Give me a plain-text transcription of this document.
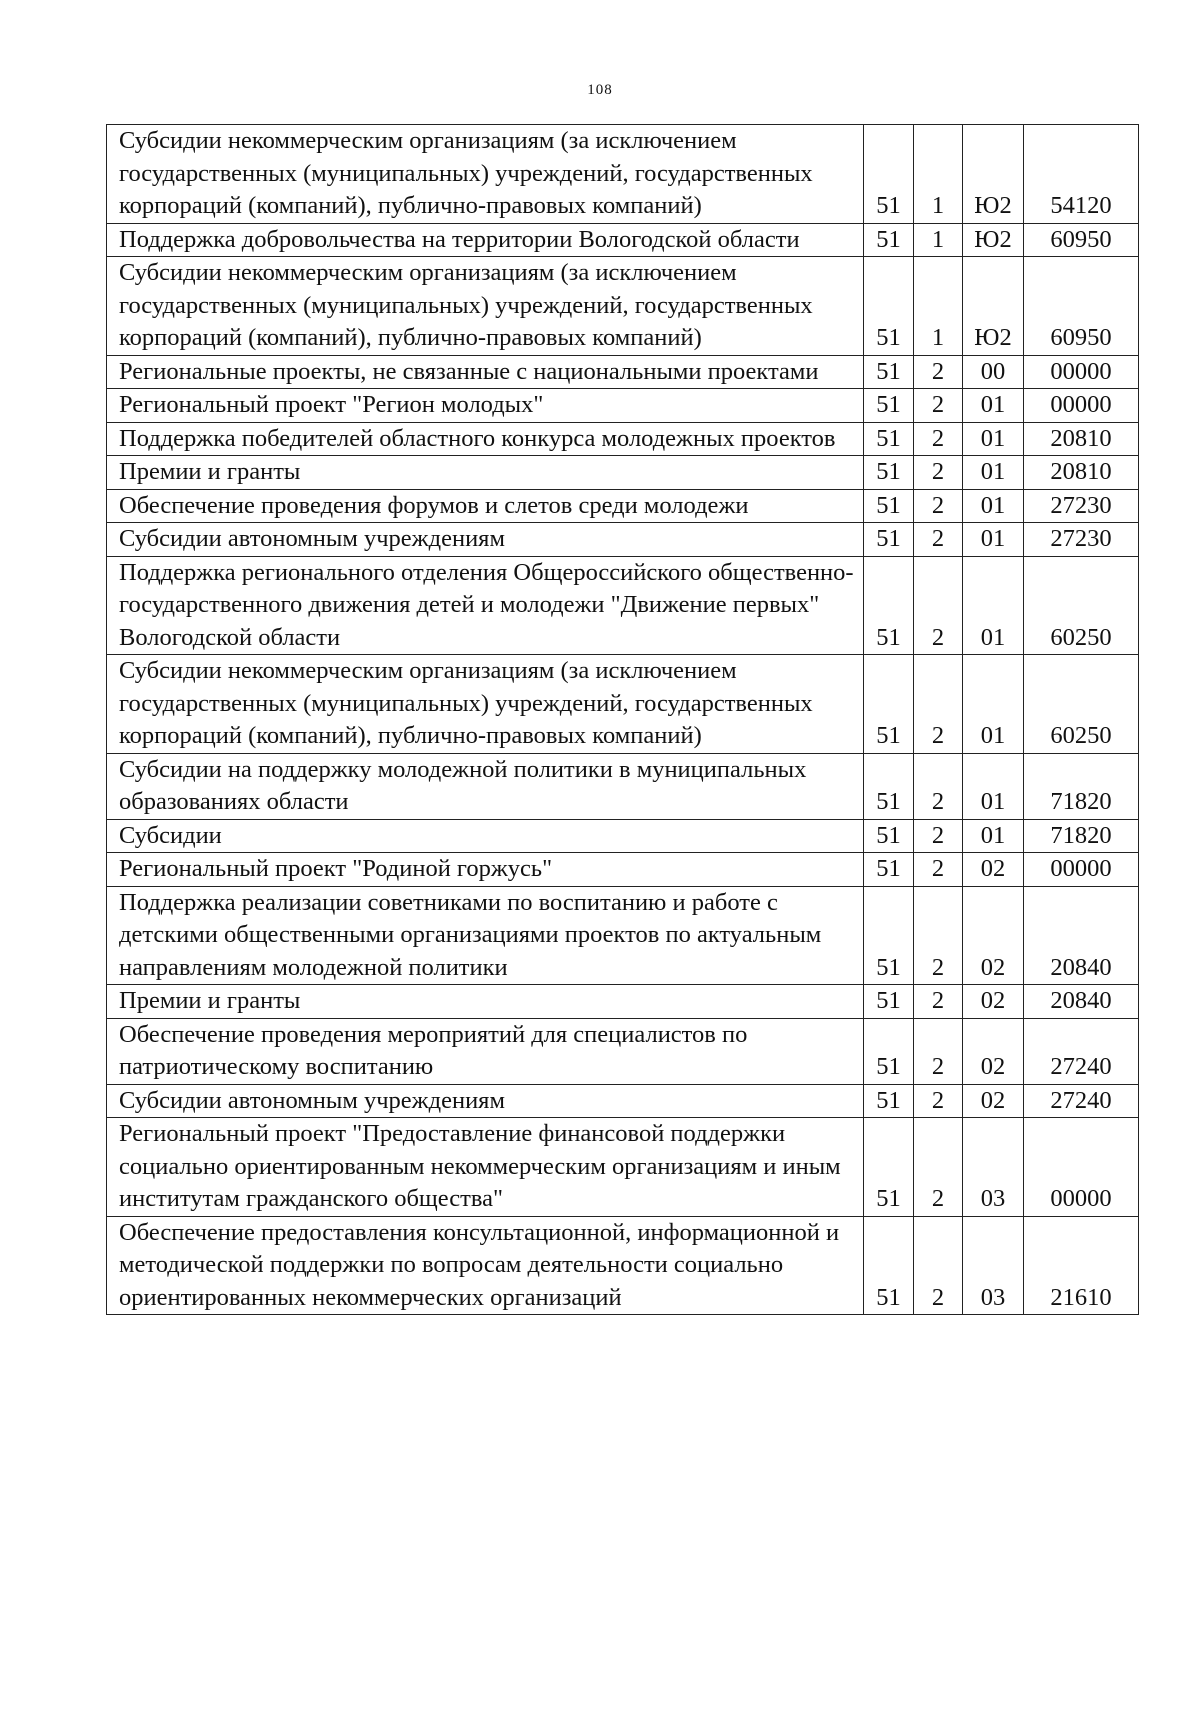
108
Субсидии некоммерческим организациям (за исключением государственных (муниципальных) учреждений, государственных корпораций (компаний), публично-правовых компаний)	51	1	Ю2	54120
Поддержка добровольчества на территории Вологодской области	51	1	Ю2	60950
Субсидии некоммерческим организациям (за исключением государственных (муниципальных) учреждений, государственных корпораций (компаний), публично-правовых компаний)	51	1	Ю2	60950
Региональные проекты, не связанные с национальными проектами	51	2	00	00000
Региональный проект "Регион молодых"	51	2	01	00000
Поддержка победителей областного конкурса молодежных проектов	51	2	01	20810
Премии и гранты	51	2	01	20810
Обеспечение проведения форумов и слетов среди молодежи	51	2	01	27230
Субсидии автономным учреждениям	51	2	01	27230
Поддержка регионального отделения Общероссийского общественно-государственного движения детей и молодежи "Движение первых" Вологодской области	51	2	01	60250
Субсидии некоммерческим организациям (за исключением государственных (муниципальных) учреждений, государственных корпораций (компаний), публично-правовых компаний)	51	2	01	60250
Субсидии на поддержку молодежной политики в муниципальных образованиях области	51	2	01	71820
Субсидии	51	2	01	71820
Региональный проект "Родиной горжусь"	51	2	02	00000
Поддержка реализации советниками по воспитанию и работе с детскими общественными организациями проектов по актуальным направлениям молодежной политики	51	2	02	20840
Премии и гранты	51	2	02	20840
Обеспечение проведения мероприятий для специалистов по патриотическому воспитанию	51	2	02	27240
Субсидии автономным учреждениям	51	2	02	27240
Региональный проект "Предоставление финансовой поддержки социально ориентированным некоммерческим организациям и иным институтам гражданского общества"	51	2	03	00000
Обеспечение предоставления консультационной, информационной и методической поддержки по вопросам деятельности социально ориентированных некоммерческих организаций	51	2	03	21610
